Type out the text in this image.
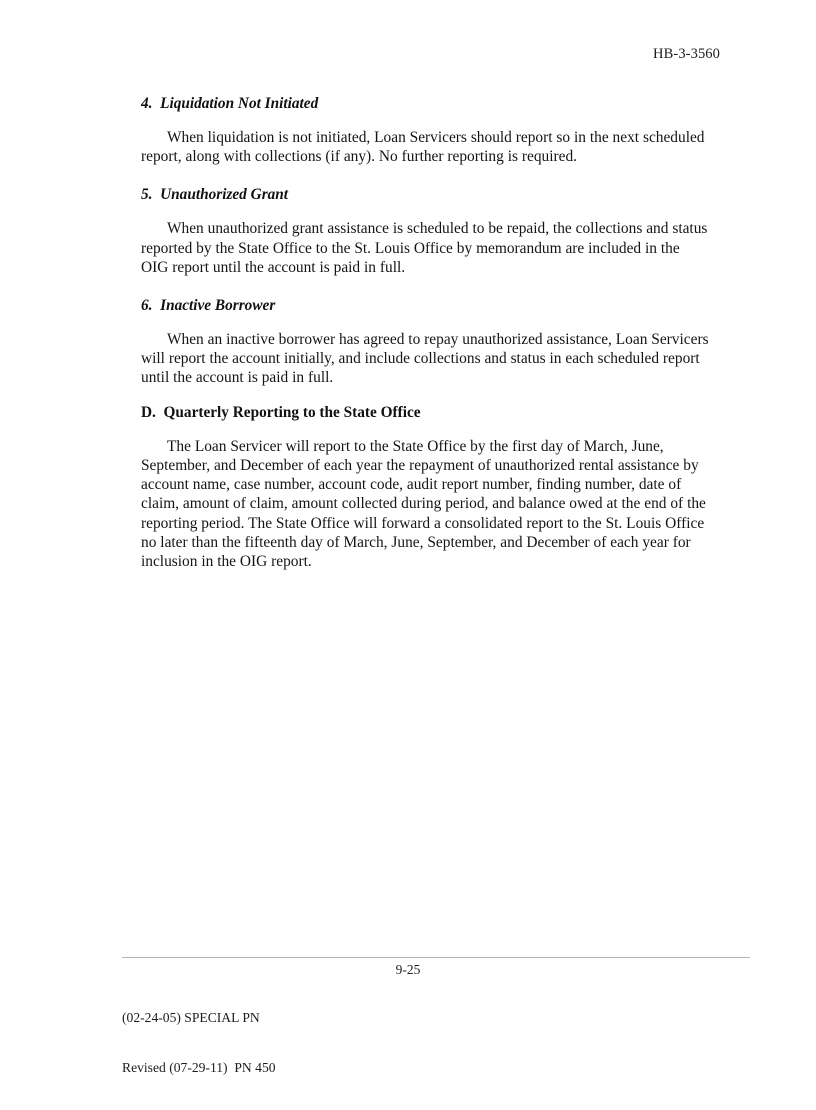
HB-3-3560
4.  Liquidation Not Initiated

When liquidation is not initiated, Loan Servicers should report so in the next scheduled report, along with collections (if any). No further reporting is required.

5.  Unauthorized Grant

When unauthorized grant assistance is scheduled to be repaid, the collections and status reported by the State Office to the St. Louis Office by memorandum are included in the OIG report until the account is paid in full.

6.  Inactive Borrower

When an inactive borrower has agreed to repay unauthorized assistance, Loan Servicers will report the account initially, and include collections and status in each scheduled report until the account is paid in full.

D.  Quarterly Reporting to the State Office

The Loan Servicer will report to the State Office by the first day of March, June, September, and December of each year the repayment of unauthorized rental assistance by account name, case number, account code, audit report number, finding number, date of claim, amount of claim, amount collected during period, and balance owed at the end of the reporting period. The State Office will forward a consolidated report to the St. Louis Office no later than the fifteenth day of March, June, September, and December of each year for inclusion in the OIG report.

9-25

(02-24-05) SPECIAL PN

Revised (07-29-11)  PN 450
